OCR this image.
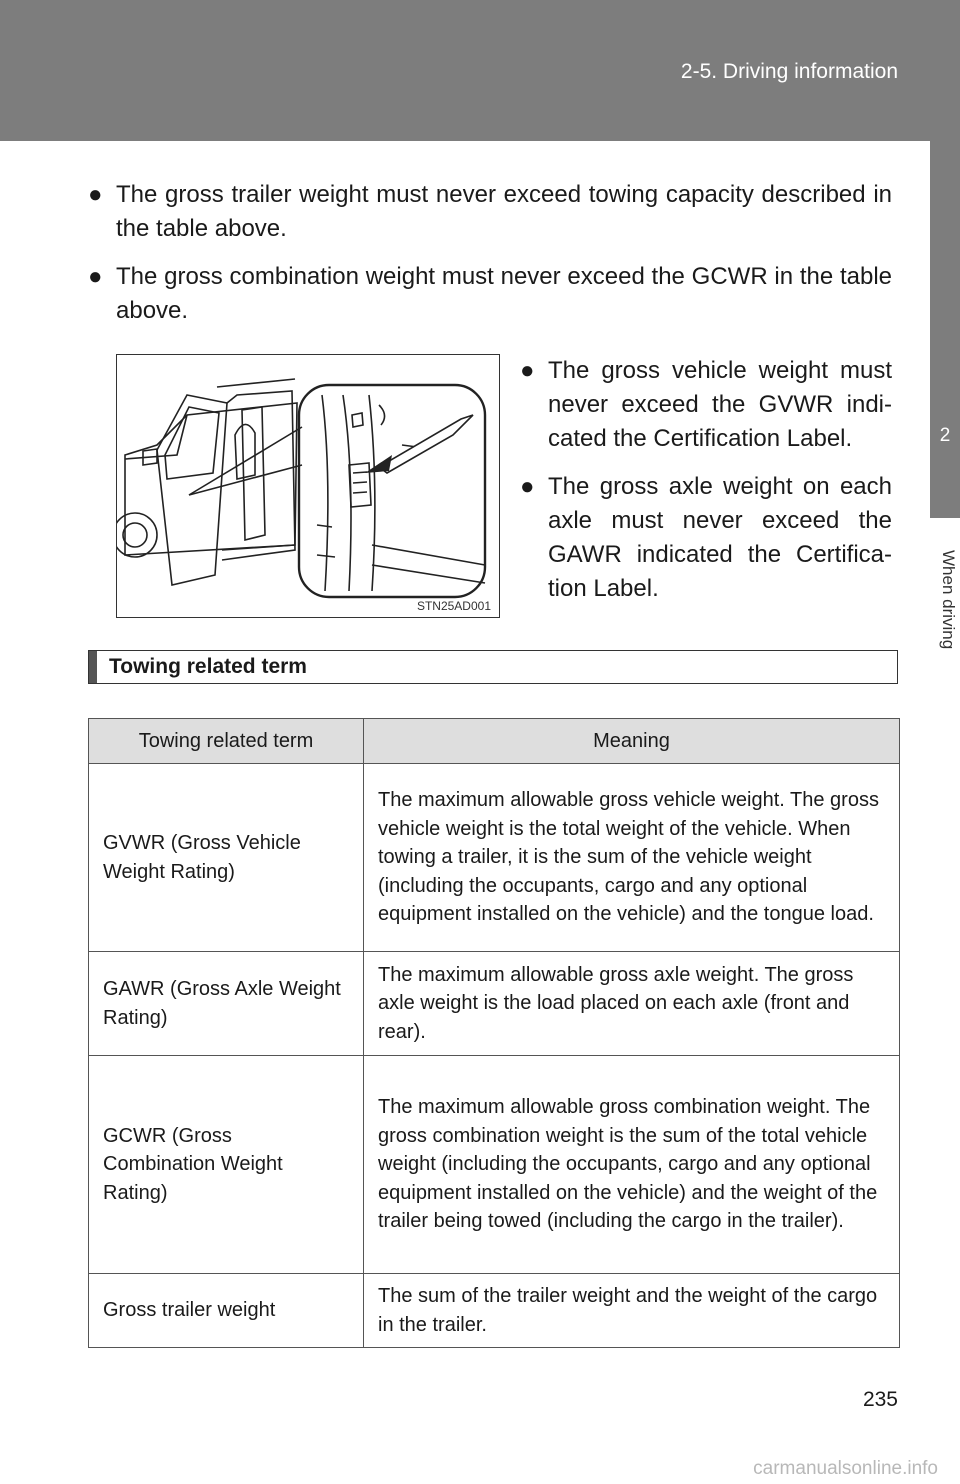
2-5. Driving information
2
When driving
● The gross trailer weight must never exceed towing capacity described in the table above.
● The gross combination weight must never exceed the GCWR in the table above.
STN25AD001
● The gross vehicle weight must never exceed the GVWR indi-cated the Certification Label.
● The gross axle weight on each axle must never exceed the GAWR indicated the Certifica-tion Label.
Towing related term
Towing related term	Meaning
GVWR (Gross Vehicle Weight Rating)	The maximum allowable gross vehicle weight. The gross vehicle weight is the total weight of the vehicle. When towing a trailer, it is the sum of the vehicle weight (including the occupants, cargo and any optional equipment installed on the vehicle) and the tongue load.
GAWR (Gross Axle Weight Rating)	The maximum allowable gross axle weight. The gross axle weight is the load placed on each axle (front and rear).
GCWR (Gross Combination Weight Rating)	The maximum allowable gross combination weight. The gross combination weight is the sum of the total vehicle weight (including the occupants, cargo and any optional equipment installed on the vehicle) and the weight of the trailer being towed (including the cargo in the trailer).
Gross trailer weight	The sum of the trailer weight and the weight of the cargo in the trailer.
235
carmanualsonline.info
